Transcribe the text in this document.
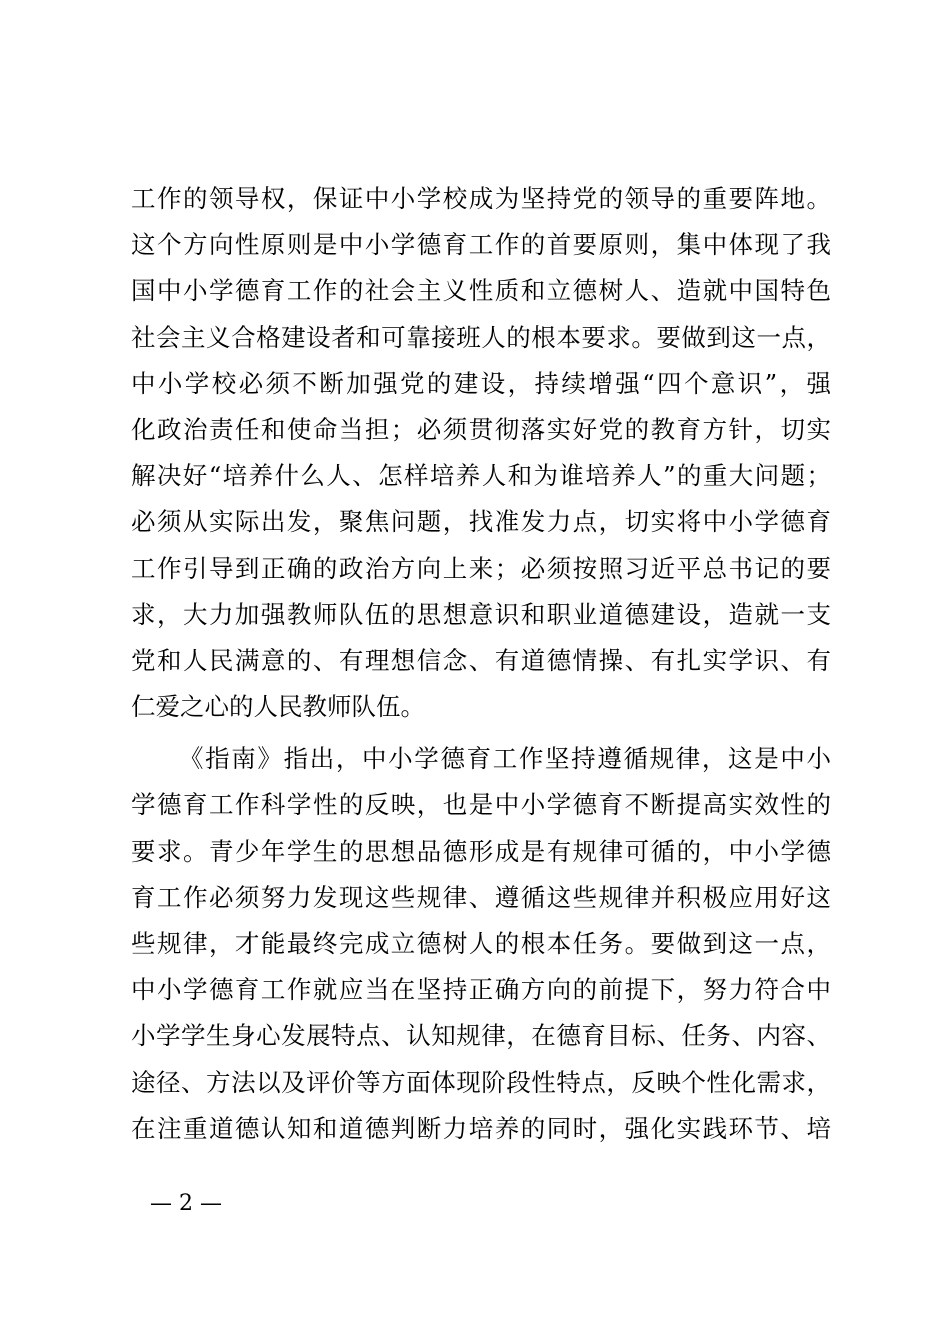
工作的领导权，保证中小学校成为坚持党的领导的重要阵地。
这个方向性原则是中小学德育工作的首要原则，集中体现了我
国中小学德育工作的社会主义性质和立德树人、造就中国特色
社会主义合格建设者和可靠接班人的根本要求。要做到这一点，
中小学校必须不断加强党的建设，持续增强“四个意识”，强
化政治责任和使命当担；必须贯彻落实好党的教育方针，切实
解决好“培养什么人、怎样培养人和为谁培养人”的重大问题；
必须从实际出发，聚焦问题，找准发力点，切实将中小学德育
工作引导到正确的政治方向上来；必须按照习近平总书记的要
求，大力加强教师队伍的思想意识和职业道德建设，造就一支
党和人民满意的、有理想信念、有道德情操、有扎实学识、有
仁爱之心的人民教师队伍。
《指南》指出，中小学德育工作坚持遵循规律，这是中小
学德育工作科学性的反映，也是中小学德育不断提高实效性的
要求。青少年学生的思想品德形成是有规律可循的，中小学德
育工作必须努力发现这些规律、遵循这些规律并积极应用好这
些规律，才能最终完成立德树人的根本任务。要做到这一点，
中小学德育工作就应当在坚持正确方向的前提下，努力符合中
小学学生身心发展特点、认知规律，在德育目标、任务、内容、
途径、方法以及评价等方面体现阶段性特点，反映个性化需求，
在注重道德认知和道德判断力培养的同时，强化实践环节、培
— 2 —
